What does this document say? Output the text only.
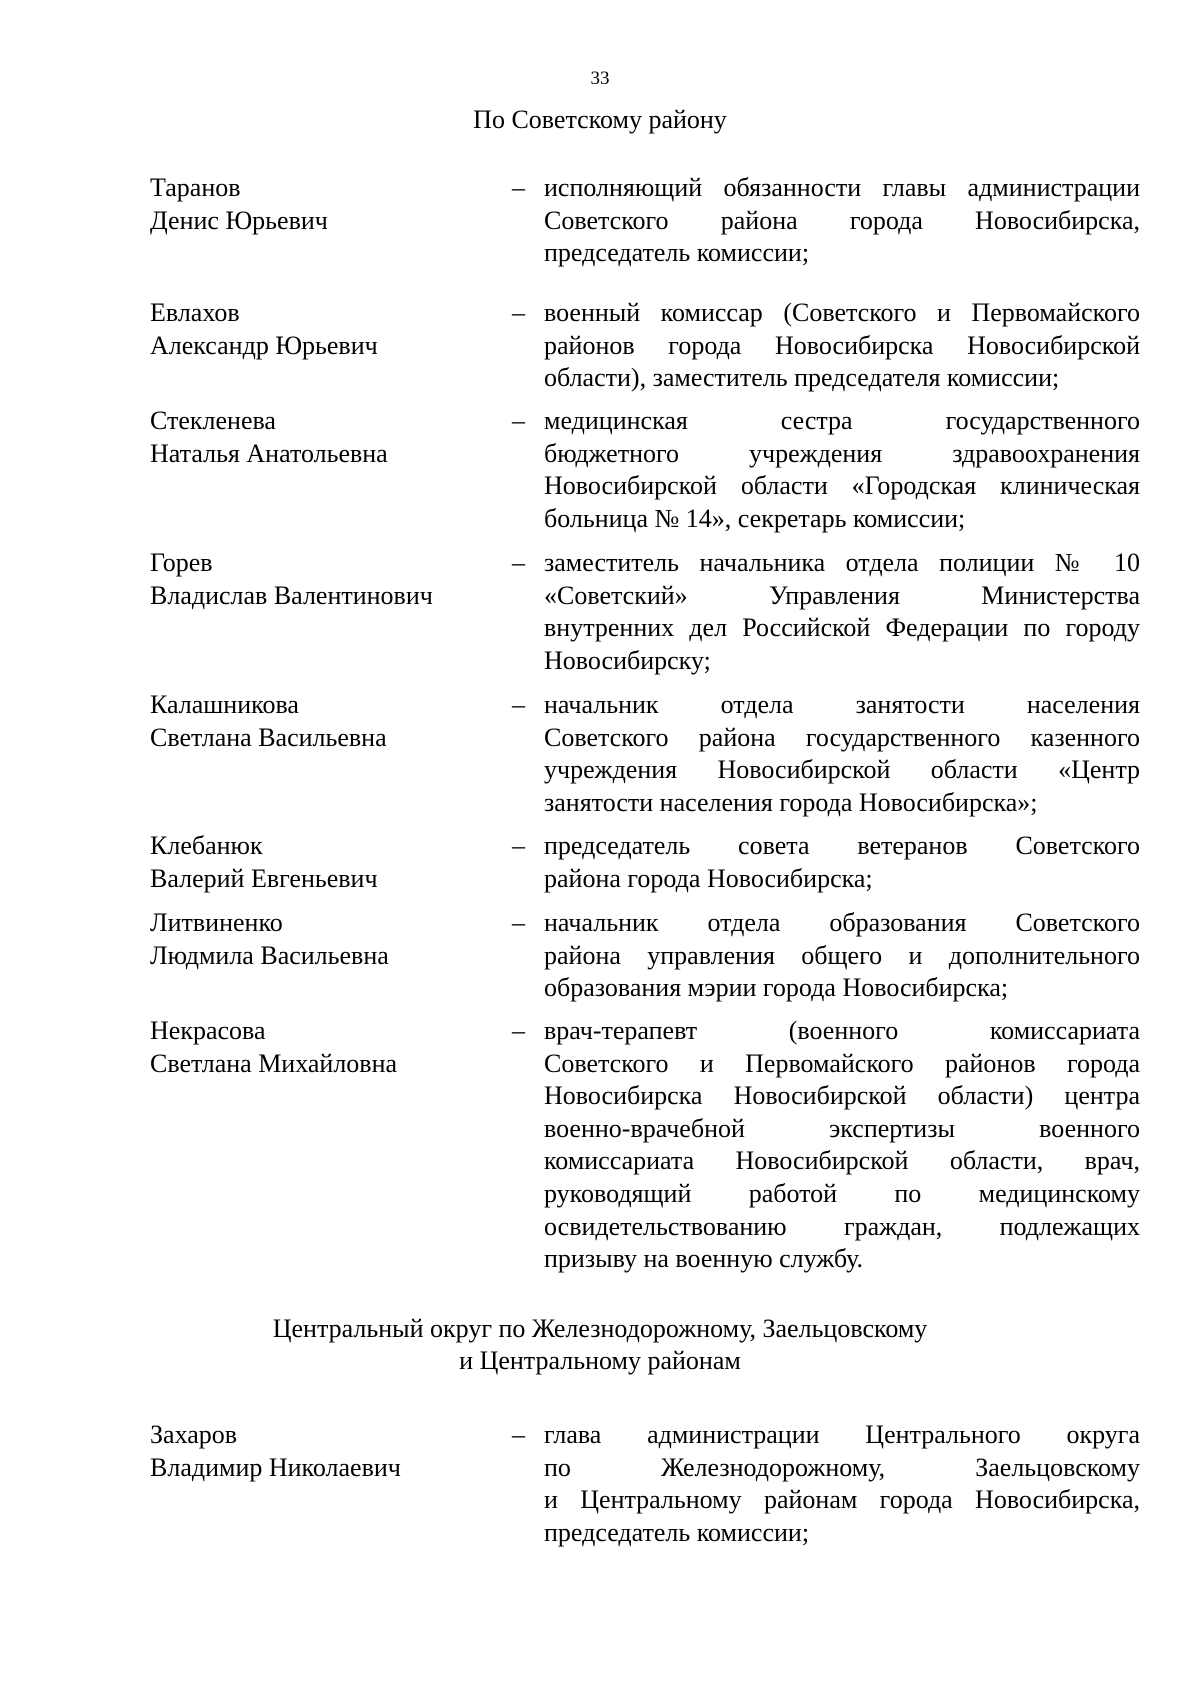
33
По Советскому району
Таранов
Денис Юрьевич
– исполняющий обязанности главы администрации
Советского района города Новосибирска,
председатель комиссии;
Евлахов
Александр Юрьевич
– военный комиссар (Советского и Первомайского
районов города Новосибирска Новосибирской
области), заместитель председателя комиссии;
Стекленева
Наталья Анатольевна
– медицинская сестра государственного
бюджетного учреждения здравоохранения
Новосибирской области «Городская клиническая
больница № 14», секретарь комиссии;
Горев
Владислав Валентинович
– заместитель начальника отдела полиции № 10
«Советский» Управления Министерства
внутренних дел Российской Федерации по городу
Новосибирску;
Калашникова
Светлана Васильевна
– начальник отдела занятости населения
Советского района государственного казенного
учреждения Новосибирской области «Центр
занятости населения города Новосибирска»;
Клебанюк
Валерий Евгеньевич
– председатель совета ветеранов Советского
района города Новосибирска;
Литвиненко
Людмила Васильевна
– начальник отдела образования Советского
района управления общего и дополнительного
образования мэрии города Новосибирска;
Некрасова
Светлана Михайловна
– врач-терапевт (военного комиссариата
Советского и Первомайского районов города
Новосибирска Новосибирской области) центра
военно-врачебной экспертизы военного
комиссариата Новосибирской области, врач,
руководящий работой по медицинскому
освидетельствованию граждан, подлежащих
призыву на военную службу.
Центральный округ по Железнодорожному, Заельцовскому
и Центральному районам
Захаров
Владимир Николаевич
– глава администрации Центрального округа
по Железнодорожному, Заельцовскому
и Центральному районам города Новосибирска,
председатель комиссии;
